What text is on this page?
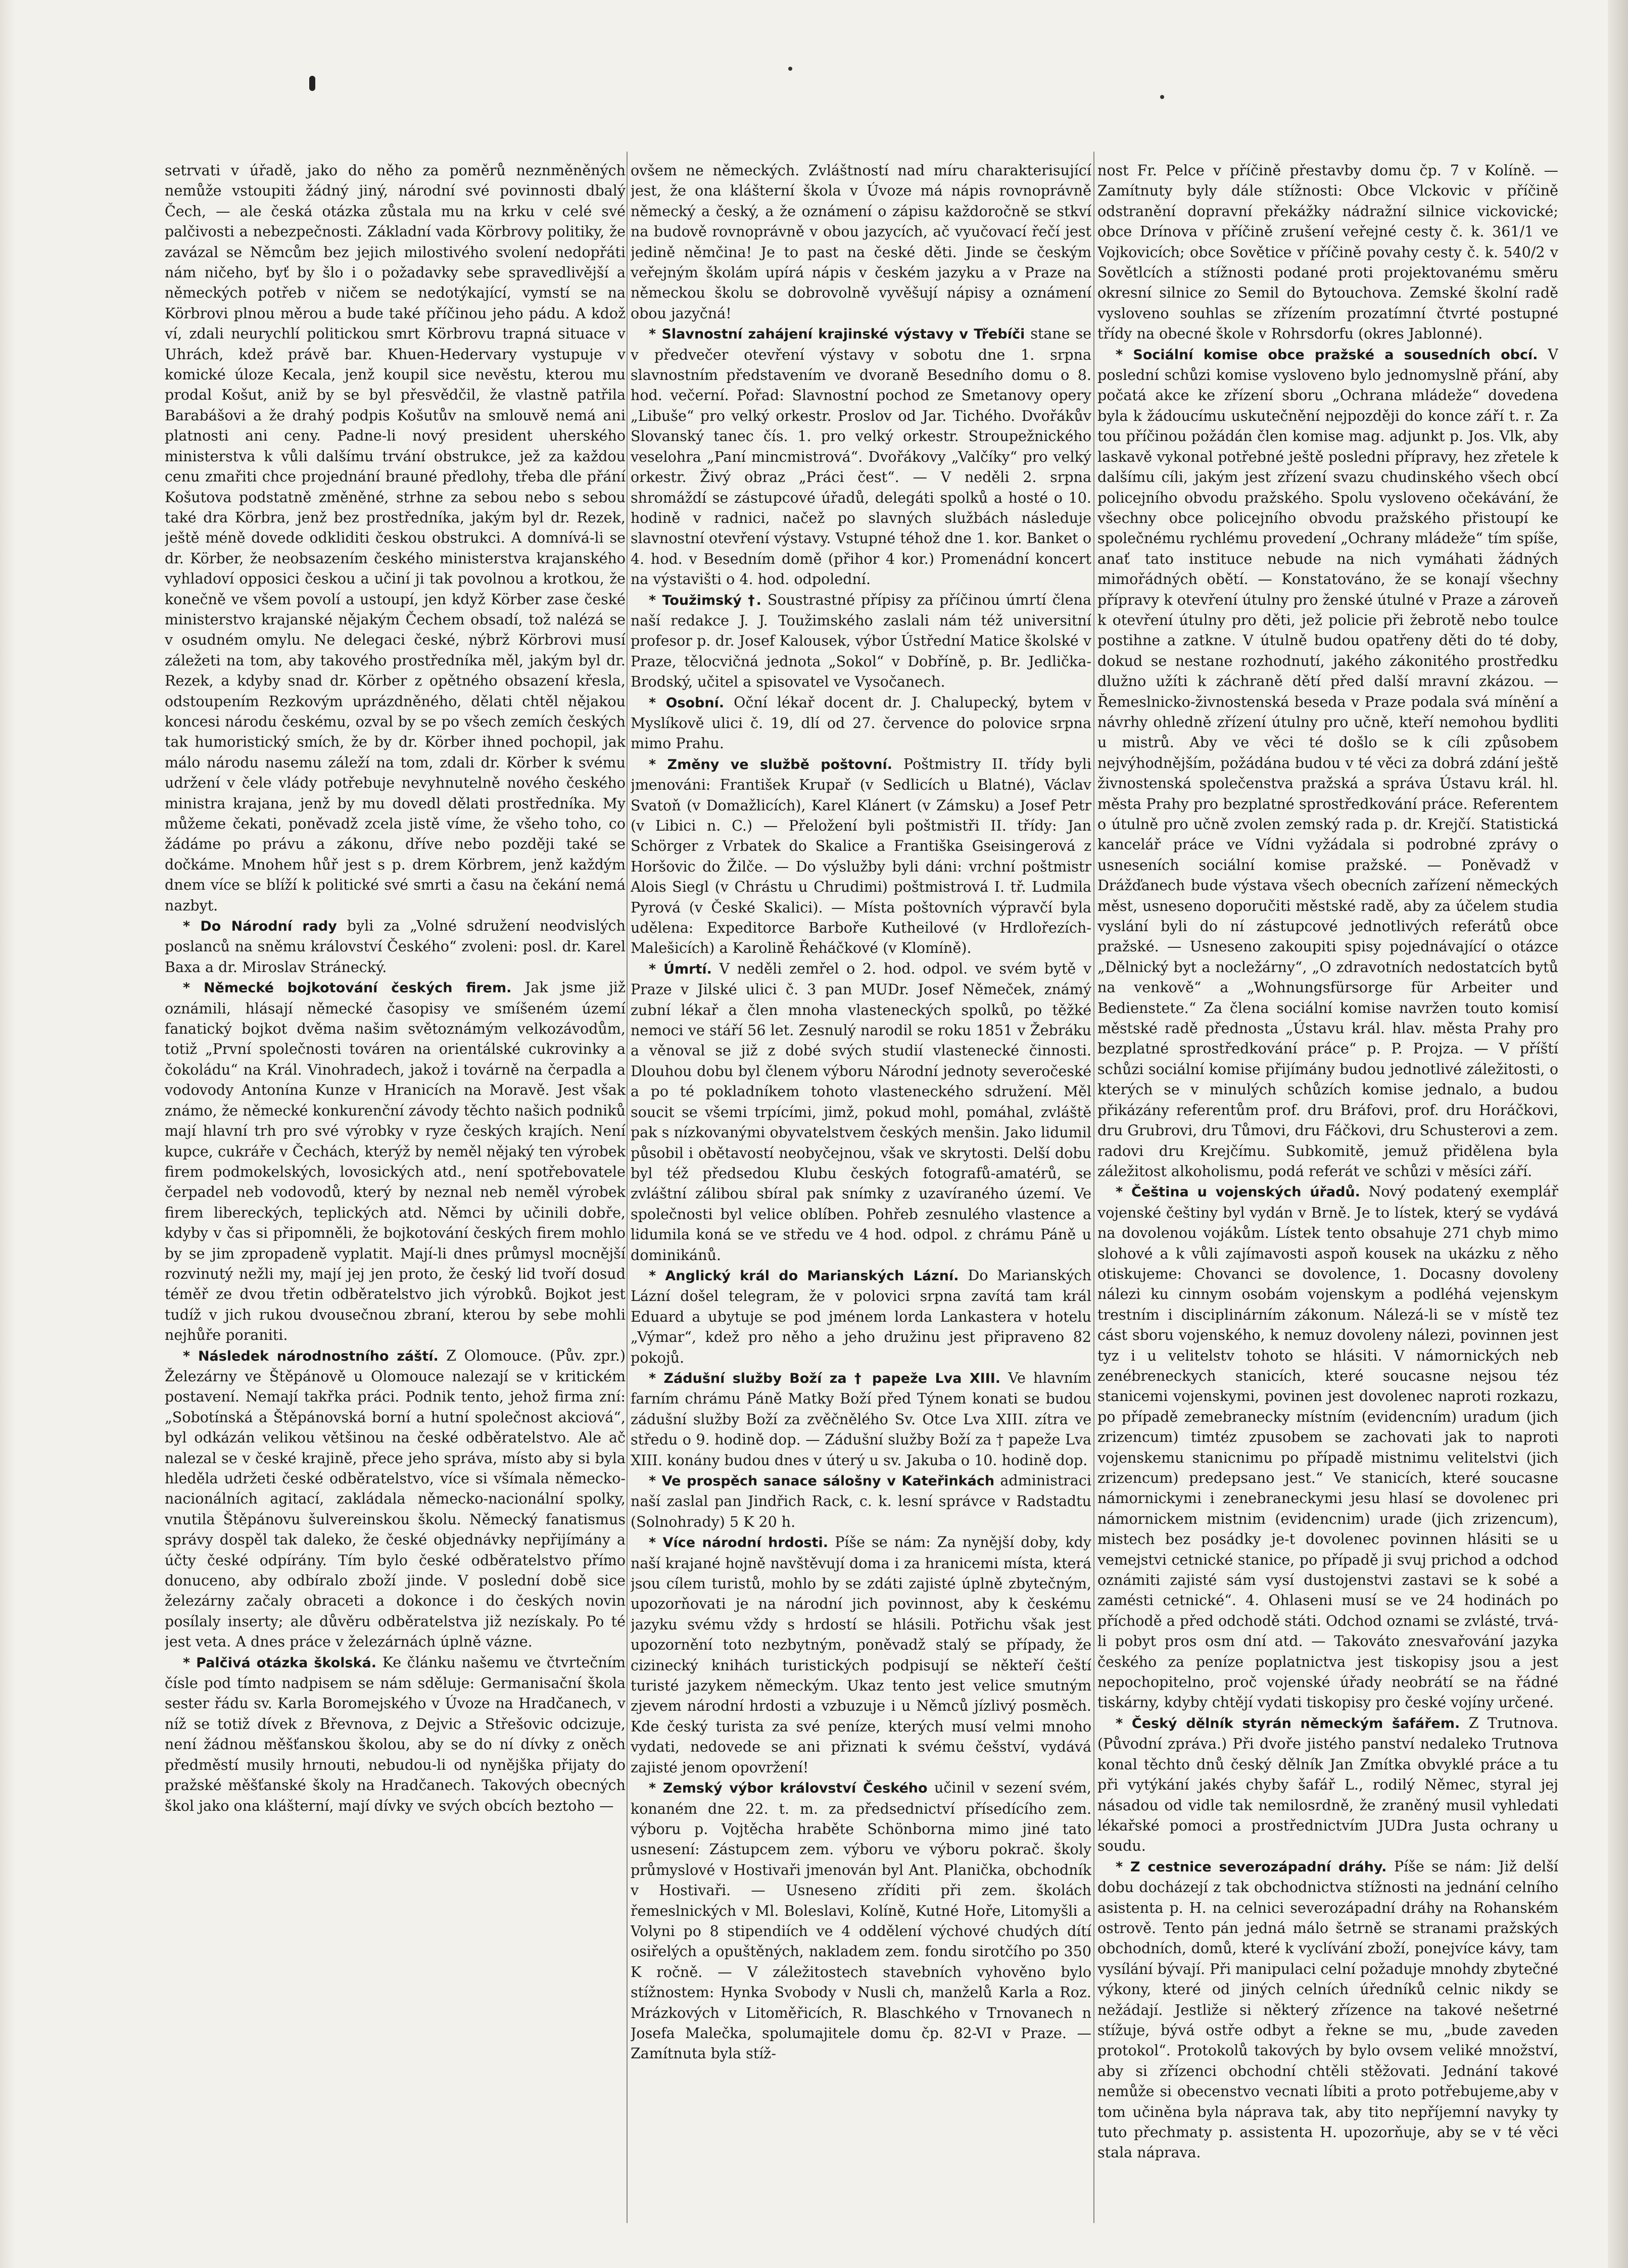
setrvati v úřadě, jako do něho za poměrů neznměněných nemůže vstoupiti žádný jiný, národní své povinnosti dbalý Čech, — ale česká otázka zůstala mu na krku v celé své palčivosti a nebezpečnosti. Základní vada Körbrovy politiky, že zavázal se Němcům bez jejich milostivého svolení nedopřáti nám ničeho, byť by šlo i o požadavky sebe spravedlivější a německých potřeb v ničem se nedotýkající, vymstí se na Körbrovi plnou měrou a bude také příčinou jeho pádu. A kdož ví, zdali neurychlí politickou smrt Körbrovu trapná situace v Uhrách, kdež právě bar. Khuen-Hedervary vystupuje v komické úloze Kecala, jenž koupil sice nevěstu, kterou mu prodal Košut, aniž by se byl přesvědčil, že vlastně patřila Barabášovi a že drahý podpis Košutův na smlouvě nemá ani platnosti ani ceny. Padne-li nový president uherského ministerstva k vůli dalšímu trvání obstrukce, jež za každou cenu zmařiti chce projednání brauné předlohy, třeba dle přání Košutova podstatně změněné, strhne za sebou nebo s sebou také dra Körbra, jenž bez prostředníka, jakým byl dr. Rezek, ještě méně dovede odkliditi českou obstrukci. A domnívá-li se dr. Körber, že neobsazením českého ministerstva krajanského vyhladoví opposici českou a učiní ji tak povolnou a krotkou, že konečně ve všem povolí a ustoupí, jen když Körber zase české ministerstvo krajanské nějakým Čechem obsadí, tož nalézá se v osudném omylu. Ne delegaci české, nýbrž Körbrovi musí záležeti na tom, aby takového prostředníka měl, jakým byl dr. Rezek, a kdyby snad dr. Körber z opětného obsazení křesla, odstoupením Rezkovým uprázdněného, dělati chtěl nějakou koncesi národu českému, ozval by se po všech zemích českých tak humoristický smích, že by dr. Körber ihned pochopil, jak málo národu nasemu záleží na tom, zdali dr. Körber k svému udržení v čele vlády potřebuje nevyhnutelně nového českého ministra krajana, jenž by mu dovedl dělati prostředníka. My můžeme čekati, poněvadž zcela jistě víme, že všeho toho, co žádáme po právu a zákonu, dříve nebo později také se dočkáme. Mnohem hůř jest s p. drem Körbrem, jenž každým dnem více se blíží k politické své smrti a času na čekání nemá nazbyt.

* Do Národní rady byli za „Volné sdružení neodvislých poslanců na sněmu království Českého“ zvoleni: posl. dr. Karel Baxa a dr. Miroslav Stránecký.

* Německé bojkotování českých firem. Jak jsme již oznámili, hlásají německé časopisy ve smíšeném území fanatický bojkot dvěma našim světoznámým velkozávodům, totiž „První společnosti továren na orientálské cukrovinky a čokoládu“ na Král. Vinohradech, jakož i továrně na čerpadla a vodovody Antonína Kunze v Hranicích na Moravě. Jest však známo, že německé konkurenční závody těchto našich podniků mají hlavní trh pro své výrobky v ryze českých krajích. Není kupce, cukráře v Čechách, kterýž by neměl nějaký ten výrobek firem podmokelských, lovosických atd., není spotřebovatele čerpadel neb vodovodů, který by neznal neb neměl výrobek firem libereckých, teplických atd. Němci by učinili dobře, kdyby v čas si připomněli, že bojkotování českých firem mohlo by se jim zpropadeně vyplatit. Mají-li dnes průmysl mocnější rozvinutý nežli my, mají jej jen proto, že český lid tvoří dosud téměř ze dvou třetin odběratelstvo jich výrobků. Bojkot jest tudíž v jich rukou dvousečnou zbraní, kterou by sebe mohli nejhůře poraniti.

* Následek národnostního záští. Z Olomouce. (Pův. zpr.) Železárny ve Štěpánově u Olomouce nalezají se v kritickém postavení. Nemají takřka práci. Podnik tento, jehož firma zní: „Sobotínská a Štěpánovská borní a hutní společnost akciová“, byl odkázán velikou většinou na české odběratelstvo. Ale ač nalezal se v české krajině, přece jeho správa, místo aby si byla hleděla udržeti české odběratelstvo, více si všímala německo-nacionálních agitací, zakládala německo-nacionální spolky, vnutila Štěpánovu šulvereinskou školu. Německý fanatismus správy dospěl tak daleko, že české objednávky nepřijímány a účty české odpírány. Tím bylo české odběratelstvo přímo donuceno, aby odbíralo zboží jinde. V poslední době sice železárny začaly obraceti a dokonce i do českých novin posílaly inserty; ale důvěru odběratelstva již nezískaly. Po té jest veta. A dnes práce v železárnách úplně vázne.

* Palčivá otázka školská. Ke článku našemu ve čtvrtečním čísle pod tímto nadpisem se nám sděluje: Germanisační škola sester řádu sv. Karla Boromejského v Úvoze na Hradčanech, v níž se totiž dívek z Břevnova, z Dejvic a Střešovic odcizuje, není žádnou měšťanskou školou, aby se do ní dívky z oněch předměstí musily hrnouti, nebudou-li od nynějška přijaty do pražské měšťanské školy na Hradčanech. Takových obecných škol jako ona klášterní, mají dívky ve svých obcích beztoho —

ovšem ne německých. Zvláštností nad míru charakterisující jest, že ona klášterní škola v Úvoze má nápis rovnoprávně německý a český, a že oznámení o zápisu každoročně se stkví na budově rovnoprávně v obou jazycích, ač vyučovací řečí jest jedině němčina! Je to past na české děti. Jinde se českým veřejným školám upírá nápis v českém jazyku a v Praze na německou školu se dobrovolně vyvěšují nápisy a oznámení obou jazyčná!

* Slavnostní zahájení krajinské výstavy v Třebíči stane se v předvečer otevření výstavy v sobotu dne 1. srpna slavnostním představením ve dvoraně Besedního domu o 8. hod. večerní. Pořad: Slavnostní pochod ze Smetanovy opery „Libuše“ pro velký orkestr. Proslov od Jar. Tichého. Dvořákův Slovanský tanec čís. 1. pro velký orkestr. Stroupežnického veselohra „Paní mincmistrová“. Dvořákovy „Valčíky“ pro velký orkestr. Živý obraz „Práci čest“. — V neděli 2. srpna shromáždí se zástupcové úřadů, delegáti spolků a hosté o 10. hodině v radnici, načež po slavných službách následuje slavnostní otevření výstavy. Vstupné téhož dne 1. kor. Banket o 4. hod. v Besedním domě (přihor 4 kor.) Promenádní koncert na výstavišti o 4. hod. odpolední.

* Toužimský †. Soustrastné přípisy za příčinou úmrtí člena naší redakce J. J. Toužimského zaslali nám též universitní profesor p. dr. Josef Kalousek, výbor Ústřední Matice školské v Praze, tělocvičná jednota „Sokol“ v Dobříně, p. Br. Jedlička-Brodský, učitel a spisovatel ve Vysočanech.

* Osobní. Oční lékař docent dr. J. Chalupecký, bytem v Myslíkově ulici č. 19, dlí od 27. července do polovice srpna mimo Prahu.

* Změny ve službě poštovní. Poštmistry II. třídy byli jmenováni: František Krupař (v Sedlicích u Blatné), Václav Svatoň (v Domažlicích), Karel Klánert (v Zámsku) a Josef Petr (v Libici n. C.) — Přeložení byli poštmistři II. třídy: Jan Schörger z Vrbatek do Skalice a Františka Gseisingerová z Horšovic do Žilče. — Do výslužby byli dáni: vrchní poštmistr Alois Siegl (v Chrástu u Chrudimi) poštmistrová I. tř. Ludmila Pyrová (v České Skalici). — Místa poštovních výpravčí byla udělena: Expeditorce Barboře Kutheilové (v Hrdlořezích-Malešicích) a Karolině Řeháčkové (v Klomíně).

* Úmrtí. V neděli zemřel o 2. hod. odpol. ve svém bytě v Praze v Jilské ulici č. 3 pan MUDr. Josef Němeček, známý zubní lékař a člen mnoha vlasteneckých spolků, po těžké nemoci ve stáří 56 let. Zesnulý narodil se roku 1851 v Žebráku a věnoval se již z dobé svých studií vlastenecké činnosti. Dlouhou dobu byl členem výboru Národní jednoty severočeské a po té pokladníkem tohoto vlasteneckého sdružení. Měl soucit se všemi trpícími, jimž, pokud mohl, pomáhal, zvláště pak s nízkovanými obyvatelstvem českých menšin. Jako lidumil působil i obětavostí neobyčejnou, však ve skrytosti. Delší dobu byl též předsedou Klubu českých fotografů-amatérů, se zvláštní zálibou sbíral pak snímky z uzavíraného území. Ve společnosti byl velice oblíben. Pohřeb zesnulého vlastence a lidumila koná se ve středu ve 4 hod. odpol. z chrámu Páně u dominikánů.

* Anglický král do Marianských Lázní. Do Marianských Lázní došel telegram, že v polovici srpna zavítá tam král Eduard a ubytuje se pod jménem lorda Lankastera v hotelu „Výmar“, kdež pro něho a jeho družinu jest připraveno 82 pokojů.

* Zádušní služby Boží za † papeže Lva XIII. Ve hlavním farním chrámu Páně Matky Boží před Týnem konati se budou zádušní služby Boží za zvěčnělého Sv. Otce Lva XIII. zítra ve středu o 9. hodině dop. — Zádušní služby Boží za † papeže Lva XIII. konány budou dnes v úterý u sv. Jakuba o 10. hodině dop.

* Ve prospěch sanace sálošny v Kateřinkách administraci naší zaslal pan Jindřich Rack, c. k. lesní správce v Radstadtu (Solnohrady) 5 K 20 h.

* Více národní hrdosti. Píše se nám: Za nynější doby, kdy naší krajané hojně navštěvují doma i za hranicemi místa, která jsou cílem turistů, mohlo by se zdáti zajisté úplně zbytečným, upozorňovati je na národní jich povinnost, aby k českému jazyku svému vždy s hrdostí se hlásili. Potřichu však jest upozornění toto nezbytným, poněvadž stalý se případy, že cizinecký knihách turistických podpisují se někteří čeští turisté jazykem německým. Ukaz tento jest velice smutným zjevem národní hrdosti a vzbuzuje i u Němců jízlivý posměch. Kde český turista za své peníze, kterých musí velmi mnoho vydati, nedovede se ani přiznati k svému češství, vydává zajisté jenom opovržení!

* Zemský výbor království Českého učinil v sezení svém, konaném dne 22. t. m. za předsednictví přísedícího zem. výboru p. Vojtěcha hraběte Schönborna mimo jiné tato usnesení: Zástupcem zem. výboru ve výboru pokrač. školy průmyslové v Hostivaři jmenován byl Ant. Planička, obchodník v Hostivaři. — Usneseno zříditi při zem. školách řemeslnických v Ml. Boleslavi, Kolíně, Kutné Hoře, Litomyšli a Volyni po 8 stipendiích ve 4 oddělení výchové chudých dítí osiřelých a opuštěných, nakladem zem. fondu sirotčího po 350 K ročně. — V záležitostech stavebních vyhověno bylo stížnostem: Hynka Svobody v Nusli ch, manželů Karla a Roz. Mrázkových v Litoměřicích, R. Blaschkého v Trnovanech n Josefa Malečka, spolumajitele domu čp. 82-VI v Praze. — Zamítnuta byla stíž-

nost Fr. Pelce v příčině přestavby domu čp. 7 v Kolíně. — Zamítnuty byly dále stížnosti: Obce Vlckovic v příčině odstranění dopravní překážky nádražní silnice vickovické; obce Drínova v příčině zrušení veřejné cesty č. k. 361/1 ve Vojkovicích; obce Sovětice v příčině povahy cesty č. k. 540/2 v Sovětlcích a stížnosti podané proti projektovanému směru okresní silnice zo Semil do Bytouchova. Zemské školní radě vysloveno souhlas se zřízením prozatímní čtvrté postupné třídy na obecné škole v Rohrsdorfu (okres Jablonné).

* Sociální komise obce pražské a sousedních obcí. V poslední schůzi komise vysloveno bylo jednomyslně přání, aby počatá akce ke zřízení sboru „Ochrana mládeže“ dovedena byla k žádoucímu uskutečnění nejpozději do konce září t. r. Za tou příčinou požádán člen komise mag. adjunkt p. Jos. Vlk, aby laskavě vykonal potřebné ještě posledni přípravy, hez zřetele k dalšímu cíli, jakým jest zřízení svazu chudinského všech obcí policejního obvodu pražského. Spolu vysloveno očekávání, že všechny obce policejního obvodu pražského přistoupí ke společnému rychlému provedení „Ochrany mládeže“ tím spíše, anať tato instituce nebude na nich vymáhati žádných mimořádných obětí. — Konstatováno, že se konají všechny přípravy k otevření útulny pro ženské útulné v Praze a zároveň k otevření útulny pro děti, jež policie při žebrotě nebo toulce postihne a zatkne. V útulně budou opatřeny děti do té doby, dokud se nestane rozhodnutí, jakého zákonitého prostředku dlužno užíti k záchraně dětí před další mravní zkázou. — Řemeslnicko-živnostenská beseda v Praze podala svá mínění a návrhy ohledně zřízení útulny pro učně, kteří nemohou bydliti u mistrů. Aby ve věci té došlo se k cíli způsobem nejvýhodnějším, požádána budou v té věci za dobrá zdání ještě živnostenská společenstva pražská a správa Ústavu král. hl. města Prahy pro bezplatné sprostředkování práce. Referentem o útulně pro učně zvolen zemský rada p. dr. Krejčí. Statistická kancelář práce ve Vídni vyžádala si podrobné zprávy o usneseních sociální komise pražské. — Poněvadž v Drážďanech bude výstava všech obecních zařízení německých měst, usneseno doporučiti městské radě, aby za účelem studia vyslání byli do ní zástupcové jednotlivých referátů obce pražské. — Usneseno zakoupiti spisy pojednávající o otázce „Dělnický byt a nocležárny“, „O zdravotních nedostatcích bytů na venkově“ a „Wohnungsfürsorge für Arbeiter und Bedienstete.“ Za člena sociální komise navržen touto komisí městské radě přednosta „Ústavu král. hlav. města Prahy pro bezplatné sprostředkování práce“ p. P. Projza. — V příští schůzi sociální komise přijímány budou jednotlivé záležitosti, o kterých se v minulých schůzích komise jednalo, a budou přikázány referentům prof. dru Bráfovi, prof. dru Horáčkovi, dru Grubrovi, dru Tůmovi, dru Fáčkovi, dru Schusterovi a zem. radovi dru Krejčímu. Subkomitě, jemuž přidělena byla záležitost alkoholismu, podá referát ve schůzi v měsíci září.

* Čeština u vojenských úřadů. Nový podatený exemplář vojenské češtiny byl vydán v Brně. Je to lístek, který se vydává na dovolenou vojákům. Lístek tento obsahuje 271 chyb mimo slohové a k vůli zajímavosti aspoň kousek na ukázku z něho otiskujeme: Chovanci se dovolence, 1. Docasny dovoleny nálezi ku cinnym osobám vojenskym a podléhá vejenskym trestním i disciplinárním zákonum. Nálezá-li se v místě tez cást sboru vojenského, k nemuz dovoleny nálezi, povinnen jest tyz i u velitelstv tohoto se hlásiti. V námornických neb zenébreneckych stanicích, které soucasne nejsou téz stanicemi vojenskymi, povinen jest dovolenec naproti rozkazu, po případě zemebranecky místním (evidencním) uradum (jich zrizencum) timtéz zpusobem se zachovati jak to naproti vojenskemu stanicnimu po případě mistnimu velitelstvi (jich zrizencum) predepsano jest.“ Ve stanicích, které soucasne námornickymi i zenebraneckymi jesu hlasí se dovolenec pri námornickem mistnim (evidencnim) urade (jich zrizencum), mistech bez posádky je-t dovolenec povinnen hlásiti se u vemejstvi cetnické stanice, po případě ji svuj prichod a odchod oznámiti zajisté sám vysí dustojenstvi zastavi se k sobé a zamésti cetnické“. 4. Ohlaseni musí se ve 24 hodinách po příchodě a před odchodě státi. Odchod oznami se zvlásté, trvá-li pobyt pros osm dní atd. — Takováto znesvařování jazyka českého za peníze poplatnictva jest tiskopisy jsou a jest nepochopitelno, proč vojenské úřady neobrátí se na řádné tiskárny, kdyby chtějí vydati tiskopisy pro české vojíny určené.

* Český dělník styrán německým šafářem. Z Trutnova. (Původní zpráva.) Při dvoře jistého panství nedaleko Trutnova konal těchto dnů český dělník Jan Zmítka obvyklé práce a tu při vytýkání jakés chyby šafář L., rodilý Němec, styral jej násadou od vidle tak nemilosrdně, že zraněný musil vyhledati lékařské pomoci a prostřednictvím JUDra Justa ochrany u soudu.

* Z cestnice severozápadní dráhy. Píše se nám: Již delší dobu docházejí z tak obchodnictva stížnosti na jednání celního asistenta p. H. na celnici severozápadní dráhy na Rohanském ostrově. Tento pán jedná málo šetrně se stranami pražských obchodních, domů, které k vyclívání zboží, ponejvíce kávy, tam vysílání bývají. Při manipulaci celní požaduje mnohdy zbytečné výkony, které od jiných celních úředníků celnic nikdy se nežádají. Jestliže si některý zřízence na takové nešetrné stížuje, bývá ostře odbyt a řekne se mu, „bude zaveden protokol“. Protokolů takových by bylo ovsem veliké množství, aby si zřízenci obchodní chtěli stěžovati. Jednání takové nemůže si obecenstvo vecnati líbiti a proto potřebujeme,aby v tom učiněna byla náprava tak, aby tito nepříjemní navyky ty tuto přechmaty p. assistenta H. upozorňuje, aby se v té věci stala náprava.
